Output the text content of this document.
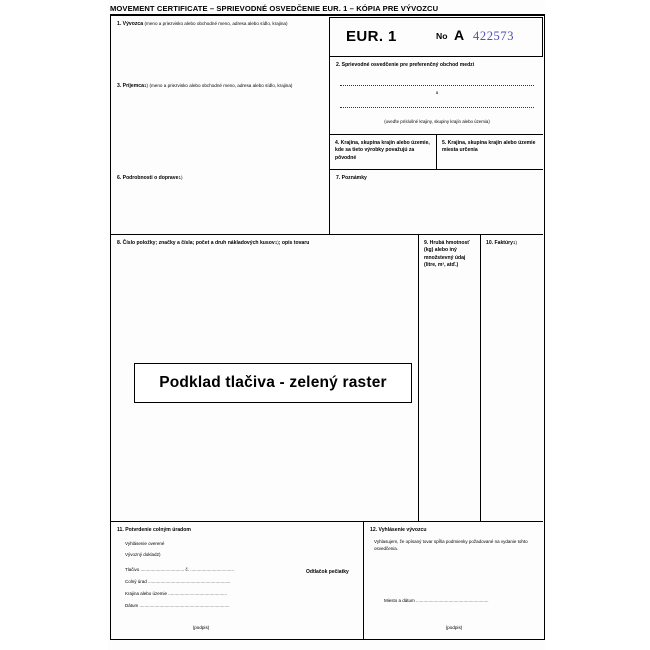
MOVEMENT CERTIFICATE – SPRIEVODNÉ OSVEDČENIE EUR. 1 – KÓPIA PRE VÝVOZCU
EUR. 1	No A 422573
1. Vývozca (meno a priezvisko alebo obchodné meno, adresa alebo sídlo, krajina)
2. Sprievodné osvedčenie pre preferenčný obchod medzi
a
(uveďte príslušné krajiny, skupiny krajín alebo územia)
3. Príjemca1) (meno a priezvisko alebo obchodné meno, adresa alebo sídlo, krajina)
4. Krajina, skupina krajín alebo územie, kde sa tieto výrobky považujú za pôvodné
5. Krajina, skupina krajín alebo územie miesta určenia
6. Podrobnosti o doprave1)	7. Poznámky
8. Číslo položky; značky a čísla; počet a druh nákladových kusov1); opis tovaru	9. Hrubá hmotnosť (kg) alebo iný množstevný údaj (litre, m³, atď.)
10. Faktúry1)
Podklad tlačiva - zelený raster
11. Potvrdenie colným úradom
Vyhlásenie overené
Vývozný doklad2)
Tlačivo ................................... č. ...................................
Colný úrad ..................................................................
Krajina alebo územie ...............................................
Dátum ........................................................................
Odtlačok pečiatky
(podpis)
12. Vyhlásenie vývozcu
Vyhlasujem, že opísaný tovar spĺňa podmienky požadované na vydanie tohto osvedčenia.
Miesto a dátum ..........................................................
(podpis)
